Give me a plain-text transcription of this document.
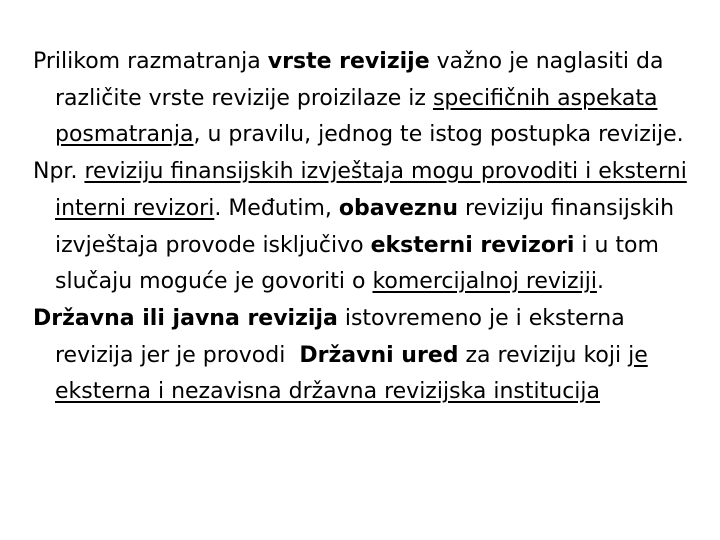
Prilikom razmatranja vrste revizije važno je naglasiti da različite vrste revizije proizilaze iz specifičnih aspekata posmatranja, u pravilu, jednog te istog postupka revizije.

Npr. reviziju finansijskih izvještaja mogu provoditi i eksterni interni revizori. Međutim, obaveznu reviziju finansijskih izvještaja provode isključivo eksterni revizori i u tom slučaju moguće je govoriti o komercijalnoj reviziji.

Državna ili javna revizija istovremeno je i eksterna revizija jer je provodi  Državni ured za reviziju koji je eksterna i nezavisna državna revizijska institucija
